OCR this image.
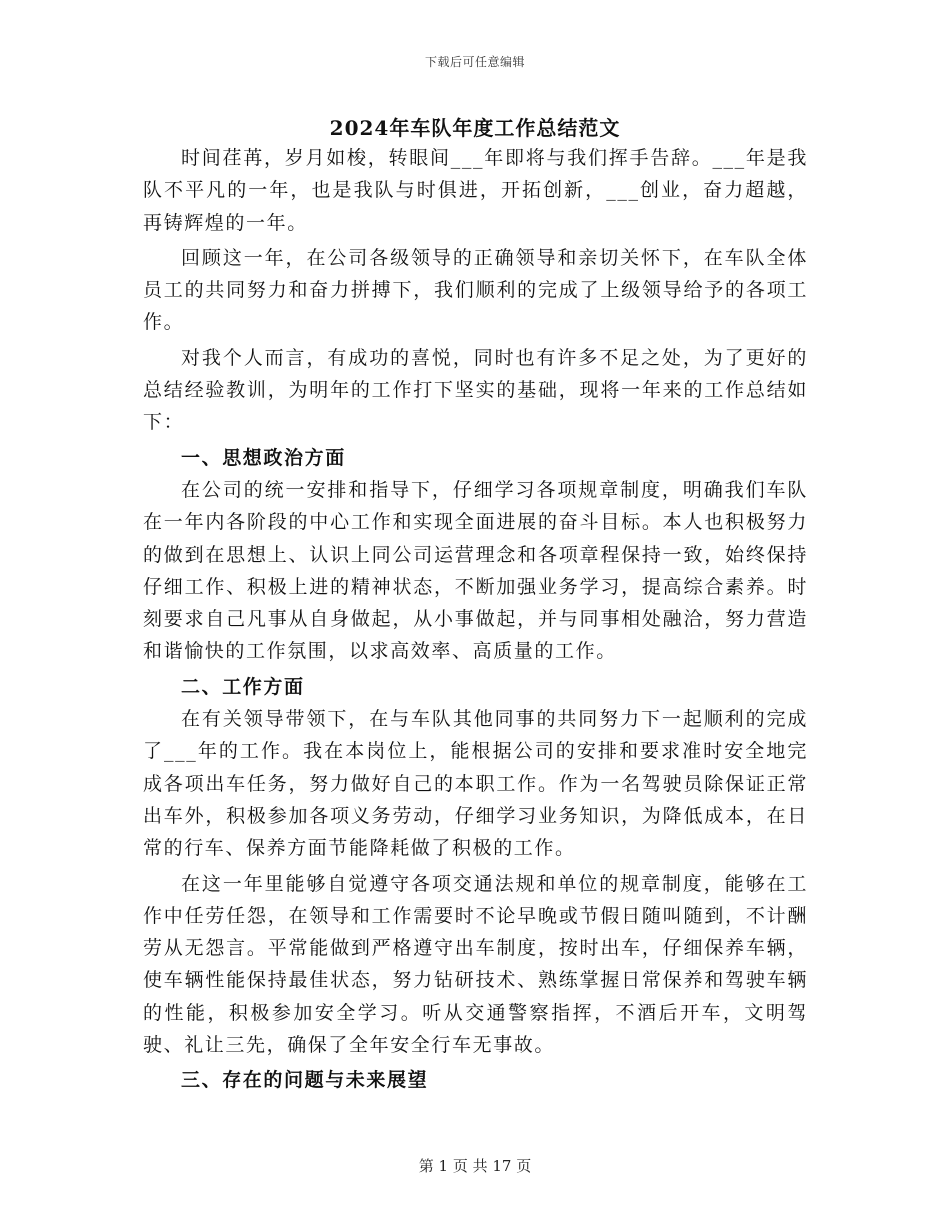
下载后可任意编辑
2024年车队年度工作总结范文

时间荏苒，岁月如梭，转眼间___年即将与我们挥手告辞。___年是我队不平凡的一年，也是我队与时俱进，开拓创新，___创业，奋力超越，再铸辉煌的一年。

回顾这一年，在公司各级领导的正确领导和亲切关怀下，在车队全体员工的共同努力和奋力拼搏下，我们顺利的完成了上级领导给予的各项工作。

对我个人而言，有成功的喜悦，同时也有许多不足之处，为了更好的总结经验教训，为明年的工作打下坚实的基础，现将一年来的工作总结如下：

一、思想政治方面

在公司的统一安排和指导下，仔细学习各项规章制度，明确我们车队在一年内各阶段的中心工作和实现全面进展的奋斗目标。本人也积极努力的做到在思想上、认识上同公司运营理念和各项章程保持一致，始终保持仔细工作、积极上进的精神状态，不断加强业务学习，提高综合素养。时刻要求自己凡事从自身做起，从小事做起，并与同事相处融洽，努力营造和谐愉快的工作氛围，以求高效率、高质量的工作。

二、工作方面

在有关领导带领下，在与车队其他同事的共同努力下一起顺利的完成了___年的工作。我在本岗位上，能根据公司的安排和要求准时安全地完成各项出车任务，努力做好自己的本职工作。作为一名驾驶员除保证正常出车外，积极参加各项义务劳动，仔细学习业务知识，为降低成本，在日常的行车、保养方面节能降耗做了积极的工作。

在这一年里能够自觉遵守各项交通法规和单位的规章制度，能够在工作中任劳任怨，在领导和工作需要时不论早晚或节假日随叫随到，不计酬劳从无怨言。平常能做到严格遵守出车制度，按时出车，仔细保养车辆，使车辆性能保持最佳状态，努力钻研技术、熟练掌握日常保养和驾驶车辆的性能，积极参加安全学习。听从交通警察指挥，不酒后开车，文明驾驶、礼让三先，确保了全年安全行车无事故。

三、存在的问题与未来展望
第 1 页 共 17 页
